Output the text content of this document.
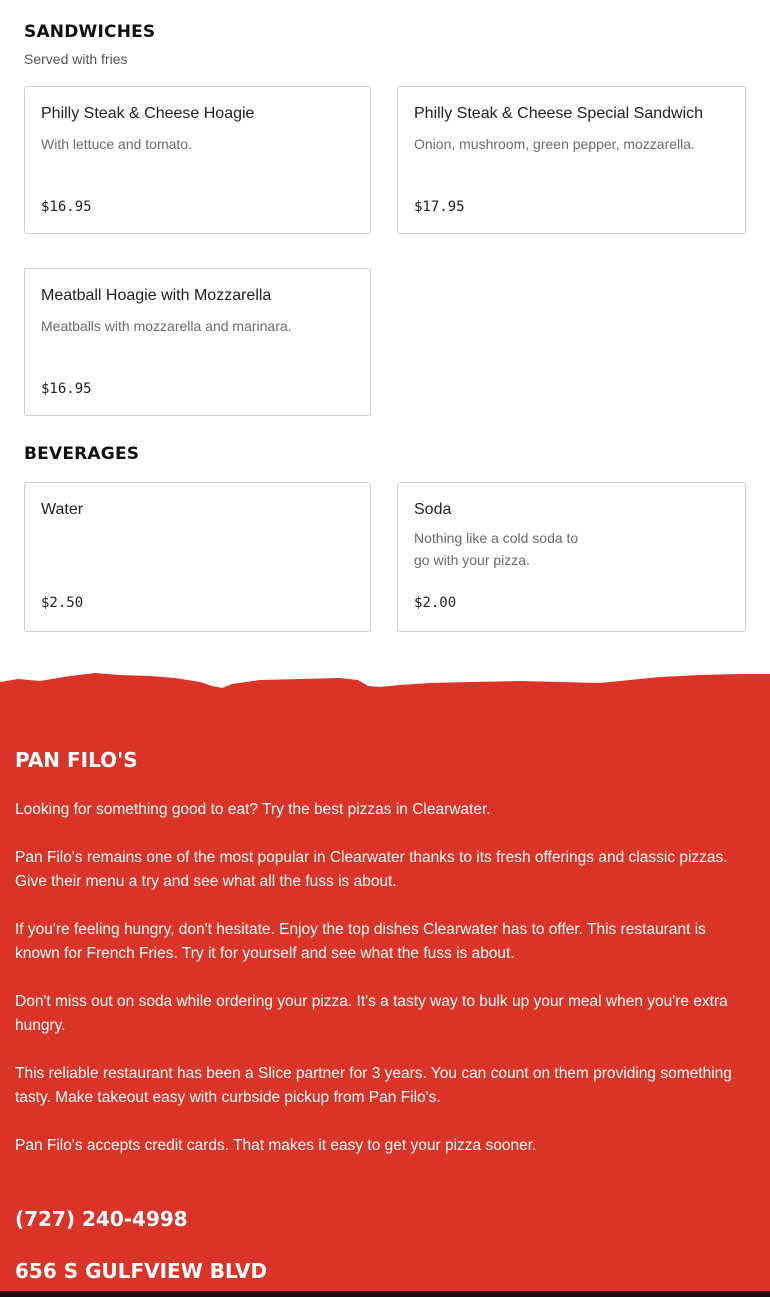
SANDWICHES

Served with fries

Philly Steak & Cheese Hoagie
With lettuce and tomato.
$16.95
Philly Steak & Cheese Special Sandwich
Onion, mushroom, green pepper, mozzarella.
$17.95
Meatball Hoagie with Mozzarella
Meatballs with mozzarella and marinara.
$16.95
BEVERAGES
Water
$2.50
Soda
Nothing like a cold soda to go with your pizza.
$2.00
PAN FILO'S

Looking for something good to eat? Try the best pizzas in Clearwater.

Pan Filo's remains one of the most popular in Clearwater thanks to its fresh offerings and classic pizzas. Give their menu a try and see what all the fuss is about.

If you're feeling hungry, don't hesitate. Enjoy the top dishes Clearwater has to offer. This restaurant is known for French Fries. Try it for yourself and see what the fuss is about.

Don't miss out on soda while ordering your pizza. It's a tasty way to bulk up your meal when you're extra hungry.

This reliable restaurant has been a Slice partner for 3 years. You can count on them providing something tasty. Make takeout easy with curbside pickup from Pan Filo's.

Pan Filo's accepts credit cards. That makes it easy to get your pizza sooner.

(727) 240-4998
656 S GULFVIEW BLVD
